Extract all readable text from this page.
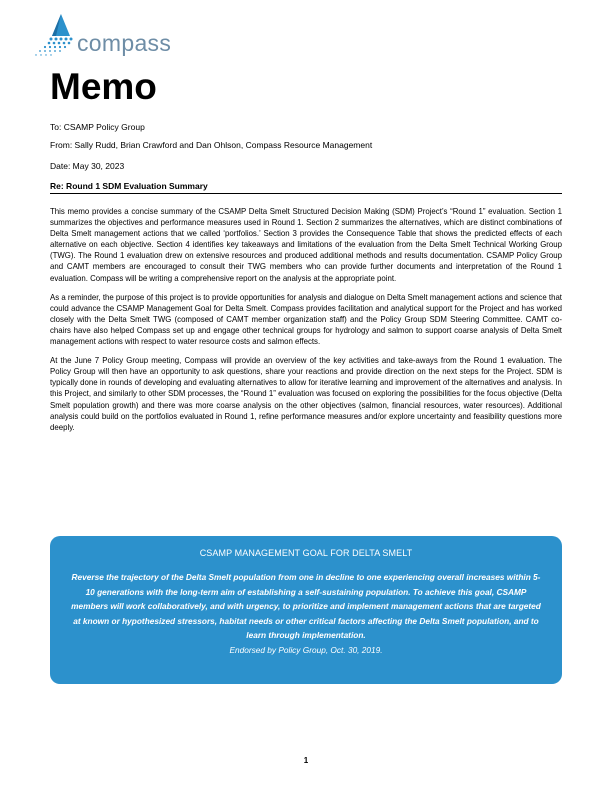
compass
Memo
To: CSAMP Policy Group
From: Sally Rudd, Brian Crawford and Dan Ohlson, Compass Resource Management
Date: May 30, 2023
Re: Round 1 SDM Evaluation Summary

This memo provides a concise summary of the CSAMP Delta Smelt Structured Decision Making (SDM) Project’s “Round 1” evaluation. Section 1 summarizes the objectives and performance measures used in Round 1. Section 2 summarizes the alternatives, which are distinct combinations of Delta Smelt management actions that we called ‘portfolios.’ Section 3 provides the Consequence Table that shows the predicted effects of each alternative on each objective. Section 4 identifies key takeaways and limitations of the evaluation from the Delta Smelt Technical Working Group (TWG). The Round 1 evaluation drew on extensive resources and produced additional methods and results documentation. CSAMP Policy Group and CAMT members are encouraged to consult their TWG members who can provide further documents and interpretation of the Round 1 evaluation. Compass will be writing a comprehensive report on the analysis at the appropriate point.

As a reminder, the purpose of this project is to provide opportunities for analysis and dialogue on Delta Smelt management actions and science that could advance the CSAMP Management Goal for Delta Smelt. Compass provides facilitation and analytical support for the Project and has worked closely with the Delta Smelt TWG (composed of CAMT member organization staff) and the Policy Group SDM Steering Committee. CAMT co-chairs have also helped Compass set up and engage other technical groups for hydrology and salmon to support coarse analysis of Delta Smelt management actions with respect to water resource costs and salmon effects.

At the June 7 Policy Group meeting, Compass will provide an overview of the key activities and take-aways from the Round 1 evaluation. The Policy Group will then have an opportunity to ask questions, share your reactions and provide direction on the next steps for the Project. SDM is typically done in rounds of developing and evaluating alternatives to allow for iterative learning and improvement of the alternatives and analysis. In this Project, and similarly to other SDM processes, the “Round 1” evaluation was focused on exploring the possibilities for the focus objective (Delta Smelt population growth) and there was more coarse analysis on the other objectives (salmon, financial resources, water resources). Additional analysis could build on the portfolios evaluated in Round 1, refine performance measures and/or explore uncertainty and feasibility questions more deeply.

CSAMP MANAGEMENT GOAL FOR DELTA SMELT
Reverse the trajectory of the Delta Smelt population from one in decline to one experiencing overall increases within 5-10 generations with the long-term aim of establishing a self-sustaining population. To achieve this goal, CSAMP members will work collaboratively, and with urgency, to prioritize and implement management actions that are targeted at known or hypothesized stressors, habitat needs or other critical factors affecting the Delta Smelt population, and to learn through implementation.
Endorsed by Policy Group, Oct. 30, 2019.
1
